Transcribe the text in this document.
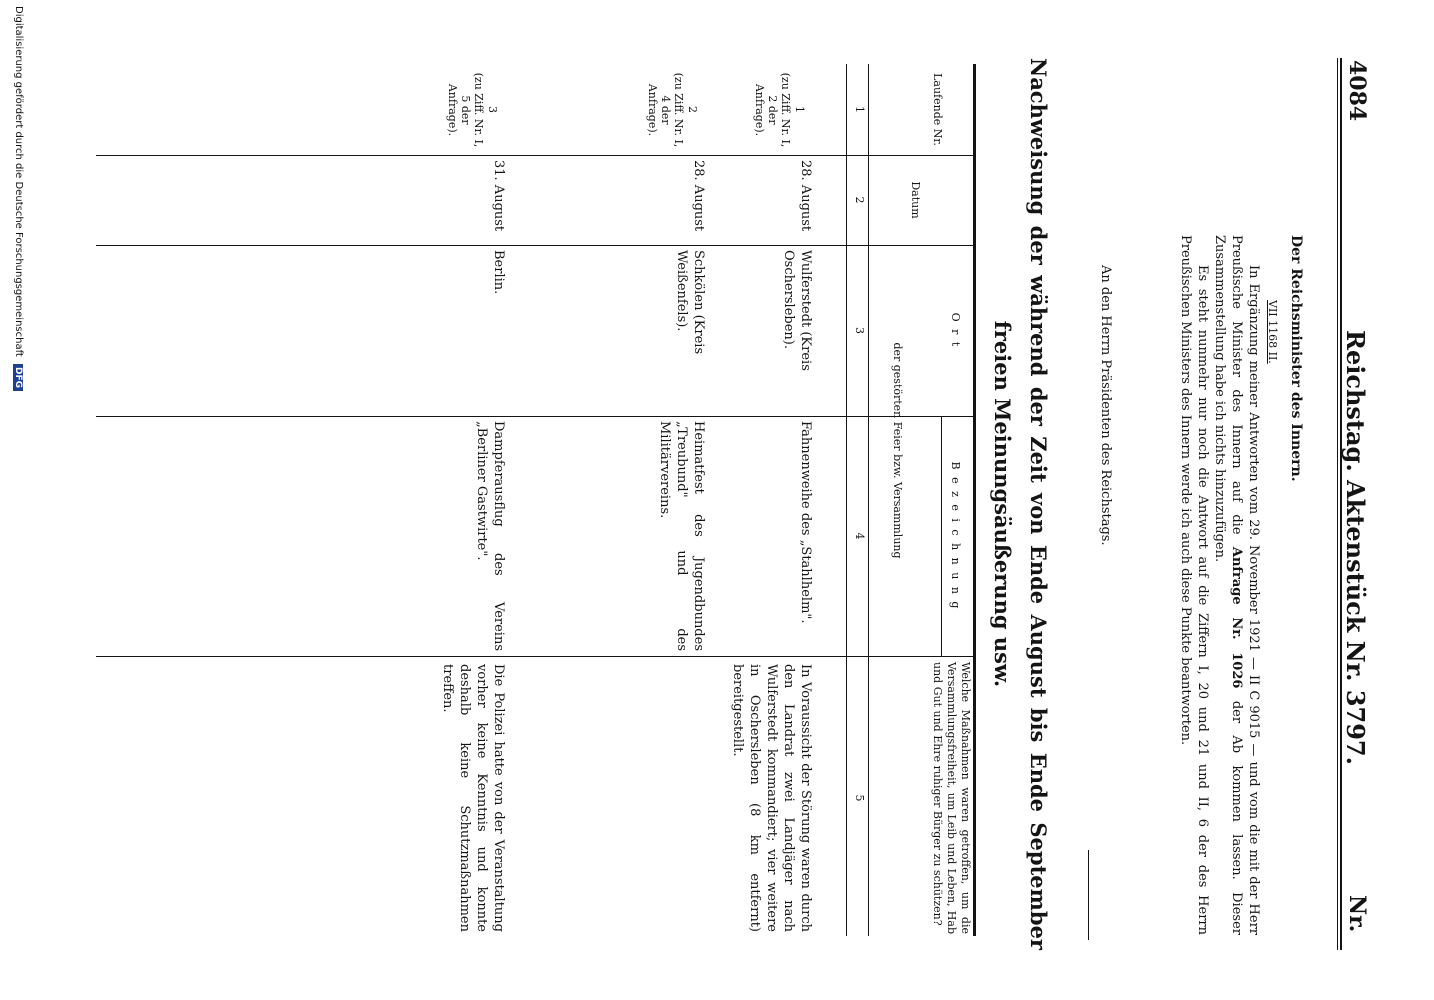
4084
Reichstag. Aktenstück Nr. 3797.
Nr.
Der Reichsminister des Innern.
VII 1168 II.

In Ergänzung meiner Antworten vom 29. November 1921 — II C 9015 — und vom die mit der Herr Preußische Minister des Innern auf die Anfrage Nr. 1026 der Ab kommen lassen. Dieser Zusammenstellung habe ich nichts hinzuzufügen.

Es steht nunmehr nur noch die Antwort auf die Ziffern I, 20 und 21 und II, 6 der des Herrn Preußischen Ministers des Innern werde ich auch diese Punkte beantworten.

An den Herrn Präsidenten des Reichstags.
Nachweisung der während der Zeit von Ende August bis Ende September freien Meinungsäußerung usw.
Laufende Nr.
Datum
B e z e i c h n u n g
O r t
der gestörten Feier bzw. Versammlung
Welche Maßnahmen waren getroffen, um die Versammlungsfreiheit, um Leib und Leben, Hab und Gut und Ehre ruhiger Bürger zu schützen?
1
2
3
4
5
1
(zu Ziff. Nr. I, 2 der Anfrage).
28. August
Wulferstedt (Kreis Oschersleben).
Fahnenweihe des „Stahlhelm".
In Voraussicht der Störung waren durch den Landrat zwei Landjäger nach Wulferstedt kommandiert; vier weitere in Oschersleben (8 km entfernt) bereitgestellt.
2
(zu Ziff. Nr. I, 4 der Anfrage).
28. August
Schkölen (Kreis Weißenfels).
Heimatfest des Jugendbundes „Treubund" und des Militärvereins.
3
(zu Ziff. Nr. I, 5 der Anfrage).
31. August
Berlin.
Dampferausflug des Vereins „Berliner Gastwirte".
Die Polizei hatte von der Veranstaltung vorher keine Kenntnis und konnte deshalb keine Schutzmaßnahmen treffen.
Digitalisierung gefördert durch die Deutsche Forschungsgemeinschaft DFG
